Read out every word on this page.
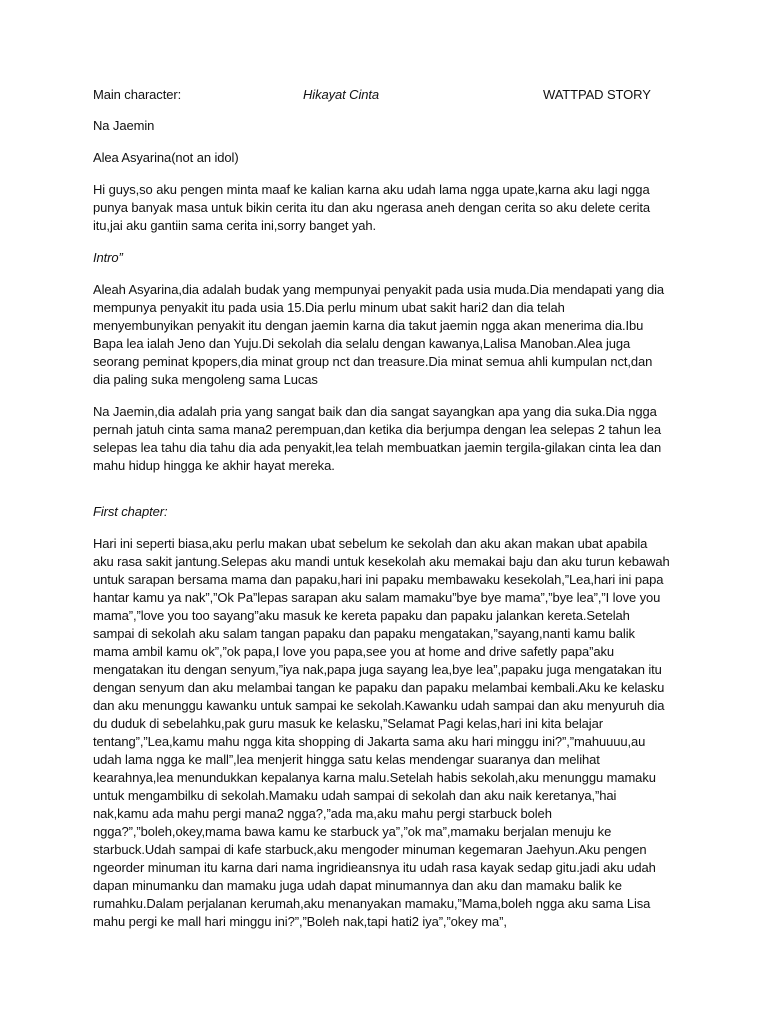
Main character:	Hikayat Cinta	WATTPAD STORY

Na Jaemin

Alea Asyarina(not an idol)

Hi guys,so aku pengen minta maaf ke kalian karna aku udah lama ngga upate,karna aku lagi ngga
punya banyak masa untuk bikin cerita itu dan aku ngerasa aneh dengan cerita so aku delete cerita
itu,jai aku gantiin sama cerita ini,sorry banget yah.

Intro”

Aleah Asyarina,dia adalah budak yang mempunyai penyakit pada usia muda.Dia mendapati yang dia
mempunya penyakit itu pada usia 15.Dia perlu minum ubat sakit hari2 dan dia telah
menyembunyikan penyakit itu dengan jaemin karna dia takut jaemin ngga akan menerima dia.Ibu
Bapa lea ialah Jeno dan Yuju.Di sekolah dia selalu dengan kawanya,Lalisa Manoban.Alea juga
seorang peminat kpopers,dia minat group nct dan treasure.Dia minat semua ahli kumpulan nct,dan
dia paling suka mengoleng sama Lucas

Na Jaemin,dia adalah pria yang sangat baik dan dia sangat sayangkan apa yang dia suka.Dia ngga
pernah jatuh cinta sama mana2 perempuan,dan ketika dia berjumpa dengan lea selepas 2 tahun lea
selepas lea tahu dia tahu dia ada penyakit,lea telah membuatkan jaemin tergila-gilakan cinta lea dan
mahu hidup hingga ke akhir hayat mereka.

First chapter:

Hari ini seperti biasa,aku perlu makan ubat sebelum ke sekolah dan aku akan makan ubat apabila
aku rasa sakit jantung.Selepas aku mandi untuk kesekolah aku memakai baju dan aku turun kebawah
untuk sarapan bersama mama dan papaku,hari ini papaku membawaku kesekolah,”Lea,hari ini papa
hantar kamu ya nak”,”Ok Pa”lepas sarapan aku salam mamaku”bye bye mama”,”bye lea”,”I love you
mama”,”love you too sayang”aku masuk ke kereta papaku dan papaku jalankan kereta.Setelah
sampai di sekolah aku salam tangan papaku dan papaku mengatakan,”sayang,nanti kamu balik
mama ambil kamu ok”,”ok papa,I love you papa,see you at home and drive safetly papa”aku
mengatakan itu dengan senyum,”iya nak,papa juga sayang lea,bye lea”,papaku juga mengatakan itu
dengan senyum dan aku melambai tangan ke papaku dan papaku melambai kembali.Aku ke kelasku
dan aku menunggu kawanku untuk sampai ke sekolah.Kawanku udah sampai dan aku menyuruh dia
du duduk di sebelahku,pak guru masuk ke kelasku,”Selamat Pagi kelas,hari ini kita belajar
tentang”,”Lea,kamu mahu ngga kita shopping di Jakarta sama aku hari minggu ini?”,”mahuuuu,au
udah lama ngga ke mall”,lea menjerit hingga satu kelas mendengar suaranya dan melihat
kearahnya,lea menundukkan kepalanya karna malu.Setelah habis sekolah,aku menunggu mamaku
untuk mengambilku di sekolah.Mamaku udah sampai di sekolah dan aku naik keretanya,”hai
nak,kamu ada mahu pergi mana2 ngga?,”ada ma,aku mahu pergi starbuck boleh
ngga?”,”boleh,okey,mama bawa kamu ke starbuck ya”,”ok ma”,mamaku berjalan menuju ke
starbuck.Udah sampai di kafe starbuck,aku mengoder minuman kegemaran Jaehyun.Aku pengen
ngeorder minuman itu karna dari nama ingridieansnya itu udah rasa kayak sedap gitu.jadi aku udah
dapan minumanku dan mamaku juga udah dapat minumannya dan aku dan mamaku balik ke
rumahku.Dalam perjalanan kerumah,aku menanyakan mamaku,”Mama,boleh ngga aku sama Lisa
mahu pergi ke mall hari minggu ini?”,”Boleh nak,tapi hati2 iya”,”okey ma”,
